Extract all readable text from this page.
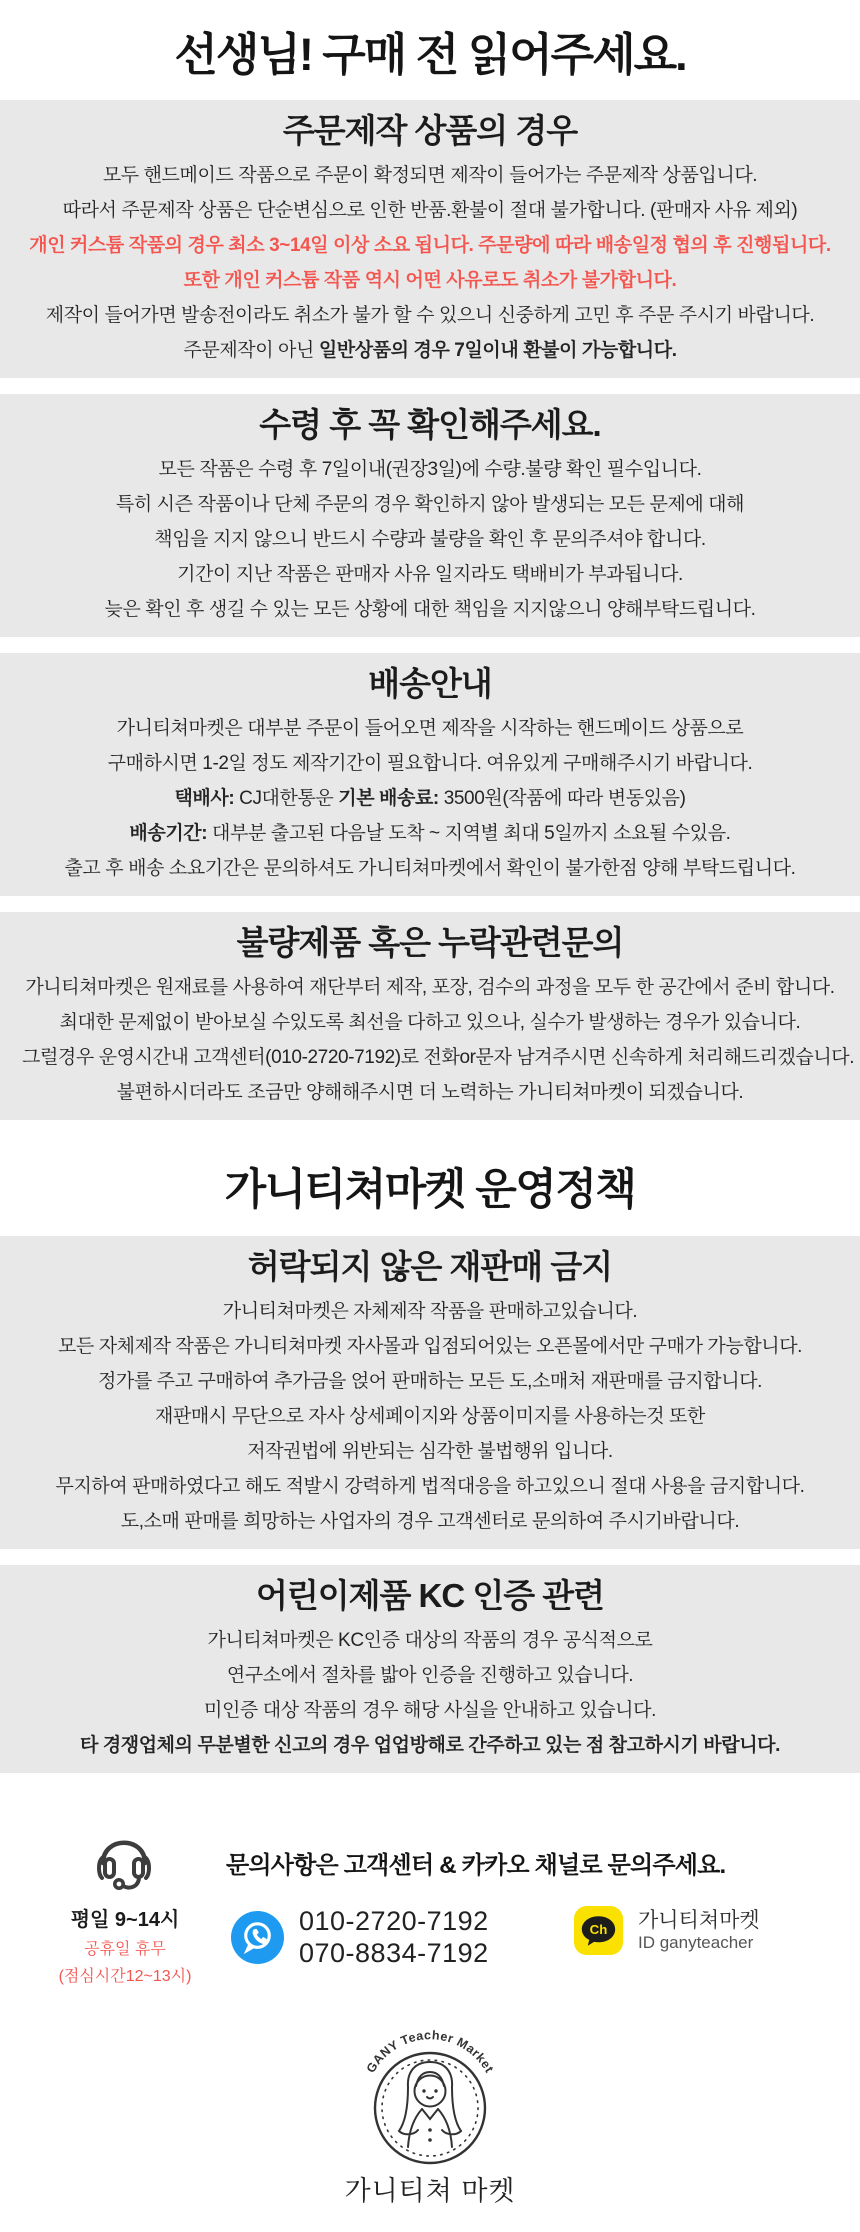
선생님! 구매 전 읽어주세요.
주문제작 상품의 경우
모두 핸드메이드 작품으로 주문이 확정되면 제작이 들어가는 주문제작 상품입니다.
따라서 주문제작 상품은 단순변심으로 인한 반품.환불이 절대 불가합니다. (판매자 사유 제외)
개인 커스튬 작품의 경우 최소 3~14일 이상 소요 됩니다. 주문량에 따라 배송일정 협의 후 진행됩니다.
또한 개인 커스튬 작품 역시 어떤 사유로도 취소가 불가합니다.
제작이 들어가면 발송전이라도 취소가 불가 할 수 있으니 신중하게 고민 후 주문 주시기 바랍니다.
주문제작이 아닌 일반상품의 경우 7일이내 환불이 가능합니다.
수령 후 꼭 확인해주세요.
모든 작품은 수령 후 7일이내(권장3일)에 수량.불량 확인 필수입니다.
특히 시즌 작품이나 단체 주문의 경우 확인하지 않아 발생되는 모든 문제에 대해
책임을 지지 않으니 반드시 수량과 불량을 확인 후 문의주셔야 합니다.
기간이 지난 작품은 판매자 사유 일지라도 택배비가 부과됩니다.
늦은 확인 후 생길 수 있는 모든 상황에 대한 책임을 지지않으니 양해부탁드립니다.
배송안내
가니티쳐마켓은 대부분 주문이 들어오면 제작을 시작하는 핸드메이드 상품으로
구매하시면 1-2일 정도 제작기간이 필요합니다. 여유있게 구매해주시기 바랍니다.
택배사: CJ대한통운 기본 배송료: 3500원(작품에 따라 변동있음)
배송기간: 대부분 출고된 다음날 도착 ~ 지역별 최대 5일까지 소요될 수있음.
출고 후 배송 소요기간은 문의하셔도 가니티쳐마켓에서 확인이 불가한점 양해 부탁드립니다.
불량제품 혹은 누락관련문의
가니티쳐마켓은 원재료를 사용하여 재단부터 제작, 포장, 검수의 과정을 모두 한 공간에서 준비 합니다.
최대한 문제없이 받아보실 수있도록 최선을 다하고 있으나, 실수가 발생하는 경우가 있습니다.
그럴경우 운영시간내 고객센터(010-2720-7192)로 전화or문자 남겨주시면 신속하게 처리해드리겠습니다.
불편하시더라도 조금만 양해해주시면 더 노력하는 가니티쳐마켓이 되겠습니다.
가니티쳐마켓 운영정책
허락되지 않은 재판매 금지
가니티쳐마켓은 자체제작 작품을 판매하고있습니다.
모든 자체제작 작품은 가니티쳐마켓 자사몰과 입점되어있는 오픈몰에서만 구매가 가능합니다.
정가를 주고 구매하여 추가금을 얹어 판매하는 모든 도,소매처 재판매를 금지합니다.
재판매시 무단으로 자사 상세페이지와 상품이미지를 사용하는것 또한
저작권법에 위반되는 심각한 불법행위 입니다.
무지하여 판매하였다고 해도 적발시 강력하게 법적대응을 하고있으니 절대 사용을 금지합니다.
도,소매 판매를 희망하는 사업자의 경우 고객센터로 문의하여 주시기바랍니다.
어린이제품 KC 인증 관련
가니티쳐마켓은 KC인증 대상의 작품의 경우 공식적으로
연구소에서 절차를 밟아 인증을 진행하고 있습니다.
미인증 대상 작품의 경우 해당 사실을 안내하고 있습니다.
타 경쟁업체의 무분별한 신고의 경우 업업방해로 간주하고 있는 점 참고하시기 바랍니다.
평일 9~14시
공휴일 휴무
(점심시간12~13시)
문의사항은 고객센터 & 카카오 채널로 문의주세요.
010-2720-7192
070-8834-7192
Ch 가니티쳐마켓
ID ganyteacher
GANY Teacher Market
가니티쳐 마켓
